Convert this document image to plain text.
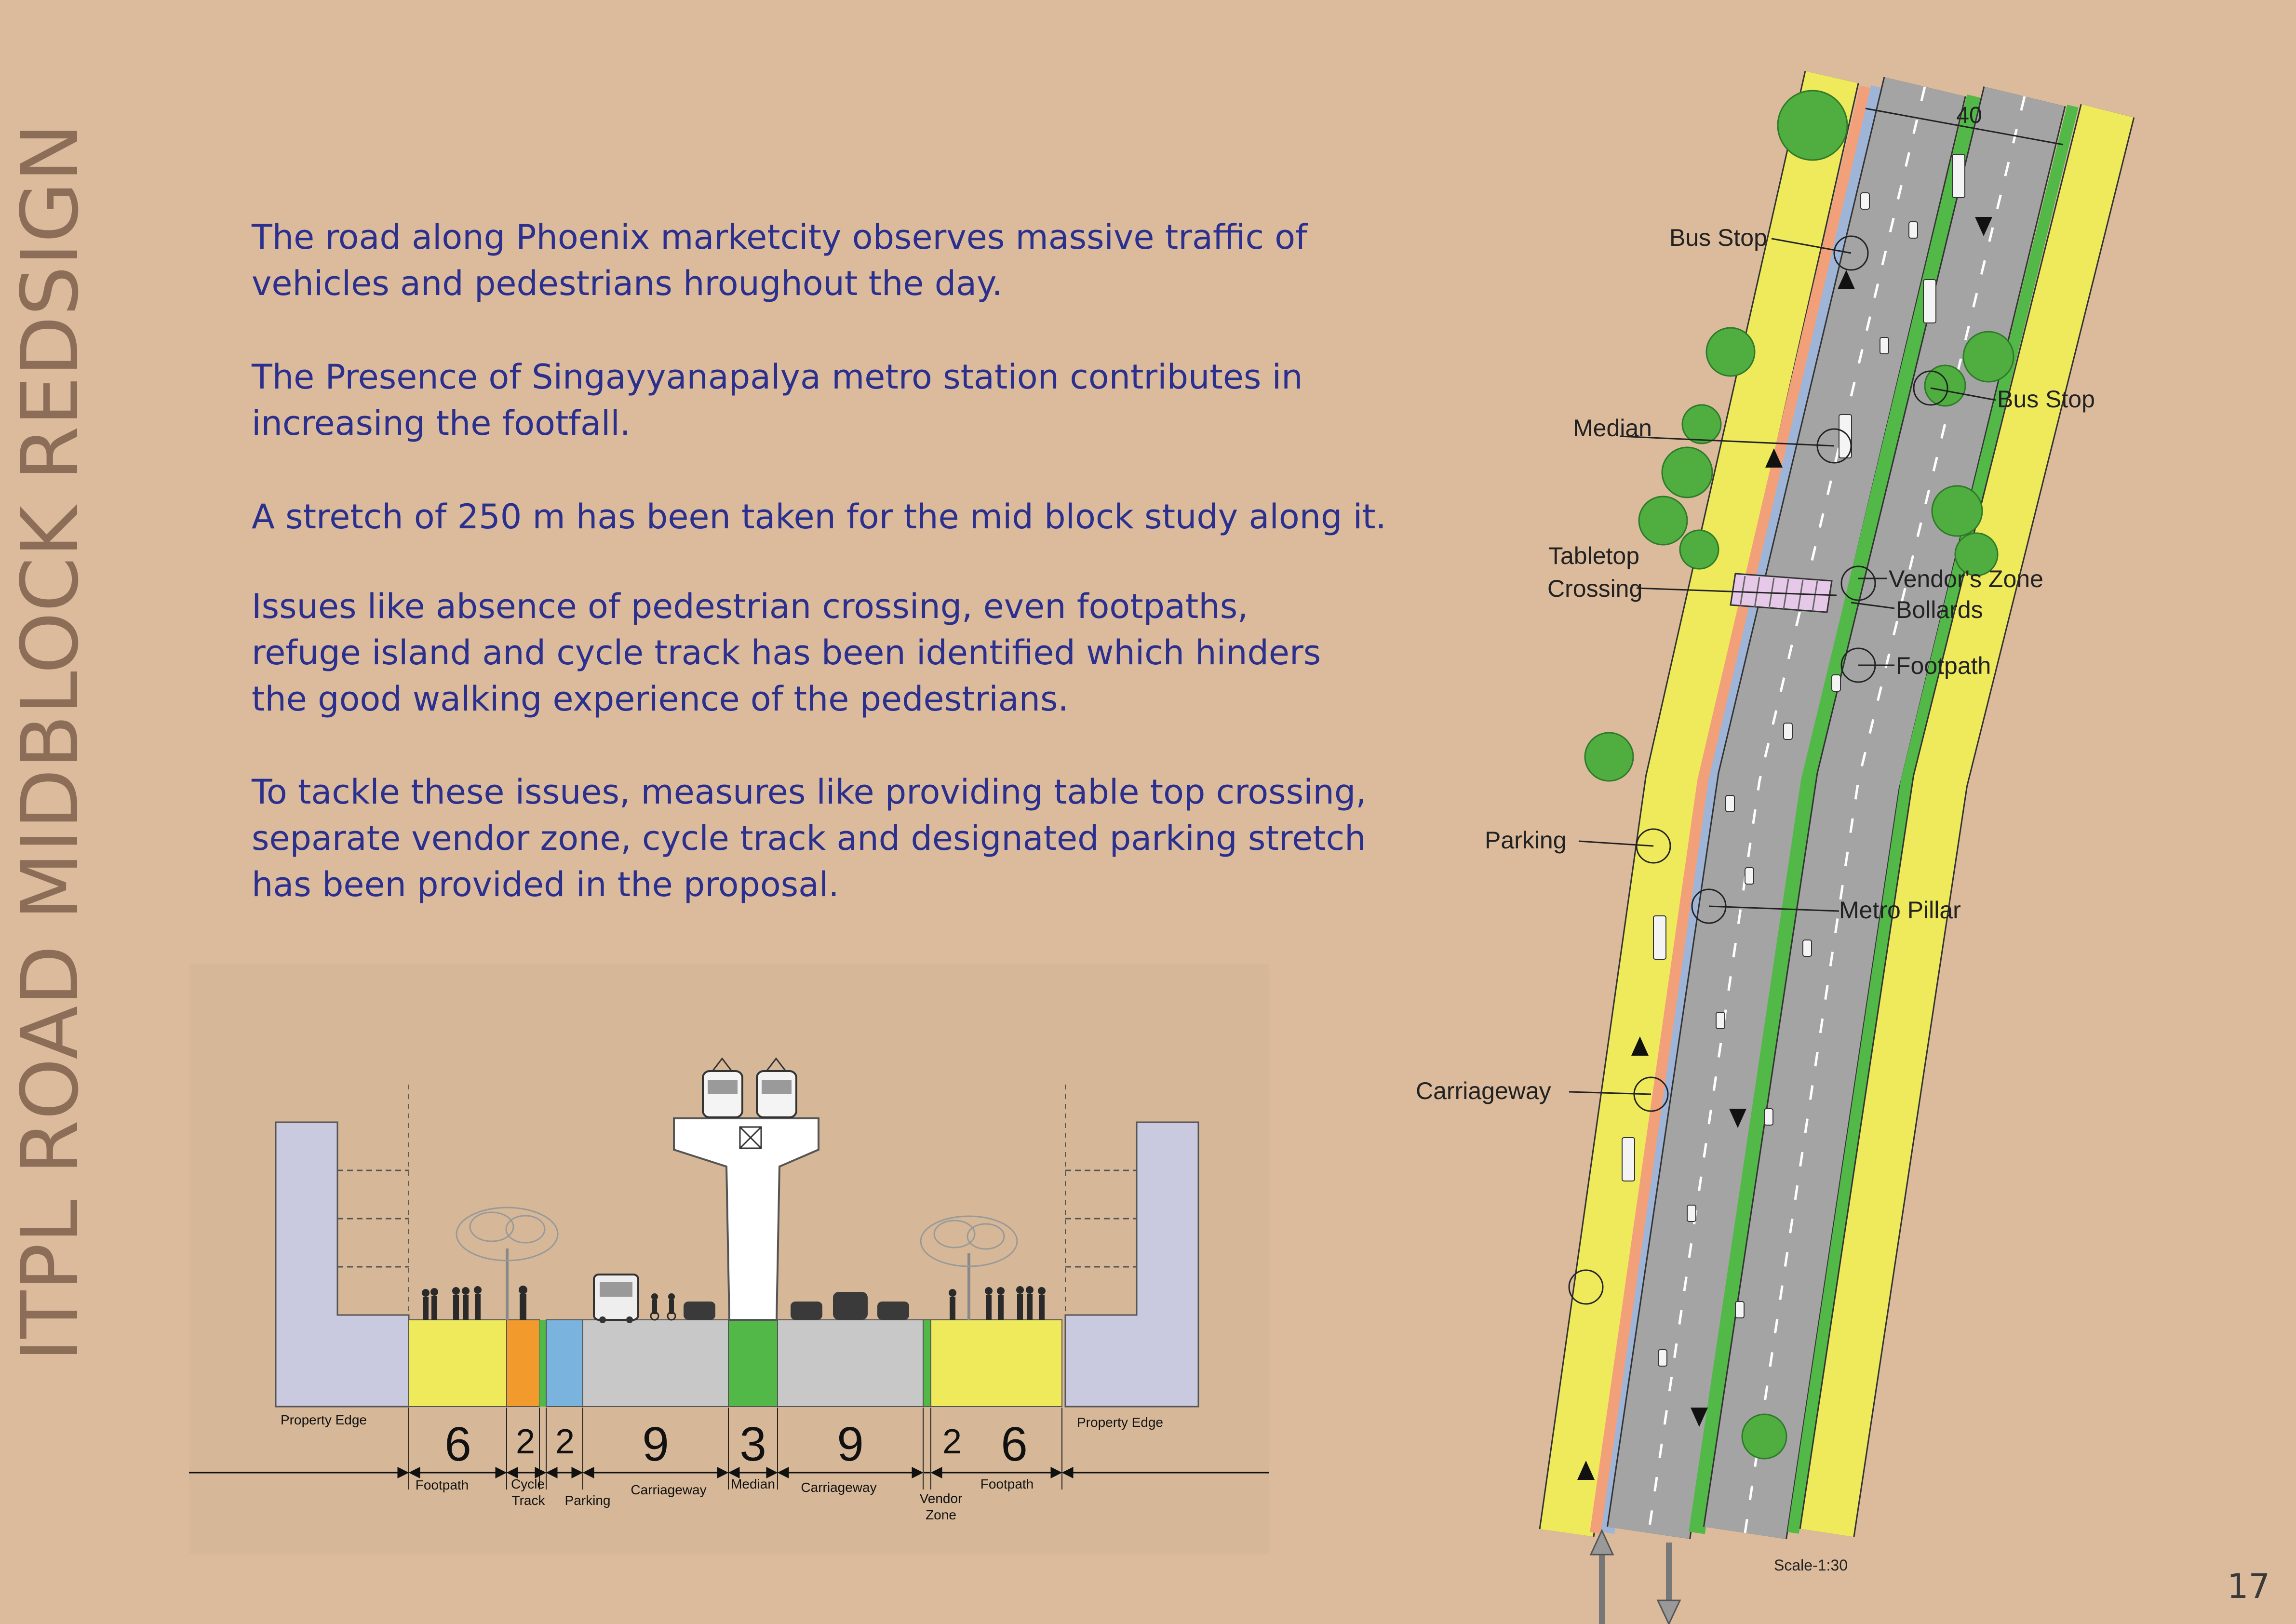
ITPL ROAD MIDBLOCK REDSIGN	The road along Phoenix marketcity observes massive traffic of
vehicles and pedestrians hroughout the day.

The Presence of Singayyanapalya metro station contributes in
increasing the footfall.

A stretch of 250 m has been taken for the mid block study along it.

Issues like absence of pedestrian crossing, even footpaths,
refuge island and cycle track has been identified which hinders
the good walking experience of the pedestrians.

To tackle these issues, measures like providing table top crossing,
separate vendor zone, cycle track and designated parking stretch
has been provided in the proposal.

Property Edge	Property Edge
6 2 2 9 3 9 2 6
Footpath	Cycle
Track Parking
Carriageway Median Carriageway
Vendor
Zone
Footpath
40
Bus Stop
Bus Stop
Median
Tabletop
Crossing	Vendor's Zone
Bollards
Footpath
Parking
Metro Pillar
Carriageway
Scale-1:30
17
